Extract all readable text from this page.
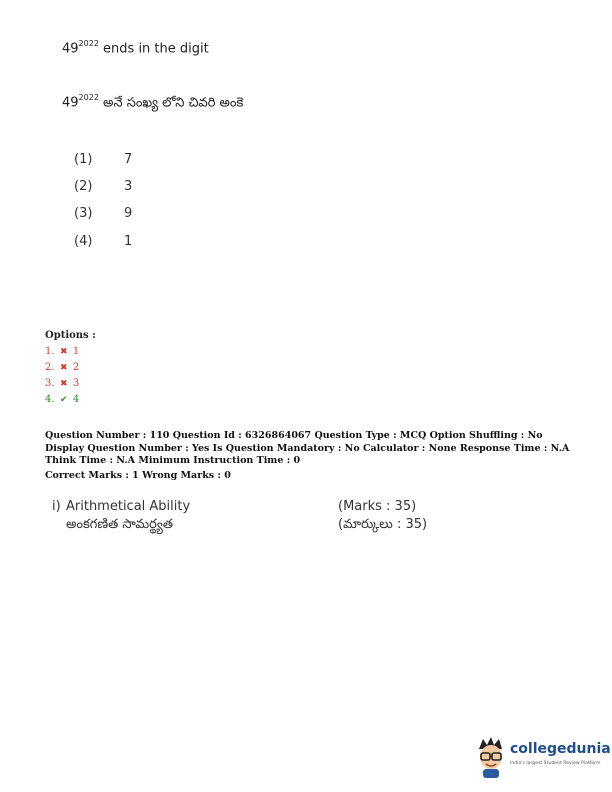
$49^{2022}$ ends in the digit
$49^{2022}$ అనే సంఖ్య లోని చివరి అంకె
(1) 7
(2) 3
(3) 9
(4) 1
Options :
1. ✖ 1
2. ✖ 2
3. ✖ 3
4. ✔ 4
Question Number : 110 Question Id : 6326864067 Question Type : MCQ Option Shuffling : No Display Question Number : Yes Is Question Mandatory : No Calculator : None Response Time : N.A Think Time : N.A Minimum Instruction Time : 0
Correct Marks : 1 Wrong Marks : 0
i) Arithmetical Ability	(Marks : 35)
అంకగణిత సామర్థ్యత	(మార్కులు : 35)
collegedunia
India's largest Student Review Platform
